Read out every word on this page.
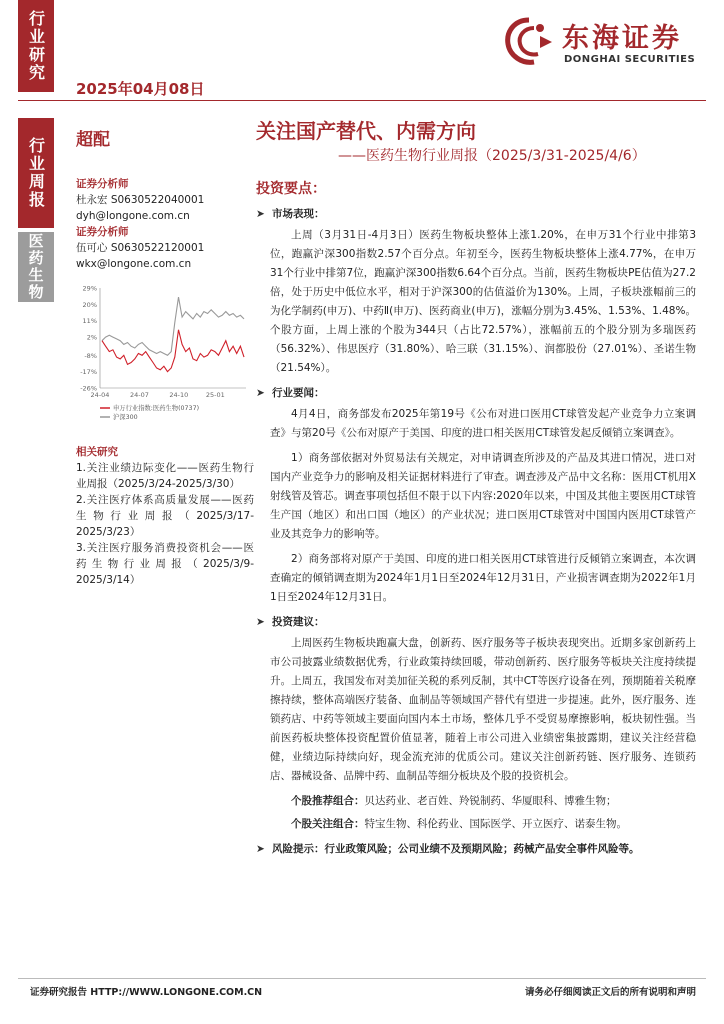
行业研究
2025年04月08日
东海证券
DONGHAI SECURITIES
行业周报
医药生物
超配	关注国产替代、内需方向
——医药生物行业周报（2025/3/31-2025/4/6）
证券分析师
杜永宏 S0630522040001
dyh@longone.com.cn
证券分析师
伍可心 S0630522120001
wkx@longone.com.cn
29%
20%
11%
2%
-8%
-17%
-26%
24-04	24-07	24-10	25-01
申万行业指数:医药生物(0737)
沪深300
相关研究
1.关注业绩边际变化——医药生物行业周报（2025/3/24-2025/3/30）
2.关注医疗体系高质量发展——医药生物行业周报（2025/3/17-2025/3/23）
3.关注医疗服务消费投资机会——医药生物行业周报（2025/3/9-2025/3/14）
投资要点：
➤ 市场表现：
上周（3月31日-4月3日）医药生物板块整体上涨1.20%，在申万31个行业中排第3位，跑赢沪深300指数2.57个百分点。年初至今，医药生物板块整体上涨4.77%，在申万31个行业中排第7位，跑赢沪深300指数6.64个百分点。当前，医药生物板块PE估值为27.2倍，处于历史中低位水平，相对于沪深300的估值溢价为130%。上周，子板块涨幅前三的为化学制药(申万)、中药Ⅱ(申万)、医药商业(申万)，涨幅分别为3.45%、1.53%、1.48%。个股方面，上周上涨的个股为344只（占比72.57%），涨幅前五的个股分别为多瑞医药（56.32%）、伟思医疗（31.80%）、哈三联（31.15%）、润都股份（27.01%）、圣诺生物（21.54%）。
➤ 行业要闻：
4月4日，商务部发布2025年第19号《公布对进口医用CT球管发起产业竞争力立案调查》与第20号《公布对原产于美国、印度的进口相关医用CT球管发起反倾销立案调查》。
1）商务部依据对外贸易法有关规定，对申请调查所涉及的产品及其进口情况，进口对国内产业竞争力的影响及相关证据材料进行了审查。调查涉及产品中文名称：医用CT机用X射线管及管芯。调查事项包括但不限于以下内容:2020年以来，中国及其他主要医用CT球管生产国（地区）和出口国（地区）的产业状况；进口医用CT球管对中国国内医用CT球管产业及其竞争力的影响等。
2）商务部将对原产于美国、印度的进口相关医用CT球管进行反倾销立案调查，本次调查确定的倾销调查期为2024年1月1日至2024年12月31日，产业损害调查期为2022年1月1日至2024年12月31日。
➤ 投资建议：
上周医药生物板块跑赢大盘，创新药、医疗服务等子板块表现突出。近期多家创新药上市公司披露业绩数据优秀，行业政策持续回暖，带动创新药、医疗服务等板块关注度持续提升。上周五，我国发布对美加征关税的系列反制，其中CT等医疗设备在列，预期随着关税摩擦持续，整体高端医疗装备、血制品等领域国产替代有望进一步提速。此外，医疗服务、连锁药店、中药等领域主要面向国内本土市场，整体几乎不受贸易摩擦影响，板块韧性强。当前医药板块整体投资配置价值显著，随着上市公司进入业绩密集披露期，建议关注经营稳健，业绩边际持续向好，现金流充沛的优质公司。建议关注创新药链、医疗服务、连锁药店、器械设备、品牌中药、血制品等细分板块及个股的投资机会。
个股推荐组合：贝达药业、老百姓、羚锐制药、华厦眼科、博雅生物；
个股关注组合：特宝生物、科伦药业、国际医学、开立医疗、诺泰生物。
➤ 风险提示：行业政策风险；公司业绩不及预期风险；药械产品安全事件风险等。
证券研究报告 HTTP://WWW.LONGONE.COM.CN	请务必仔细阅读正文后的所有说明和声明
